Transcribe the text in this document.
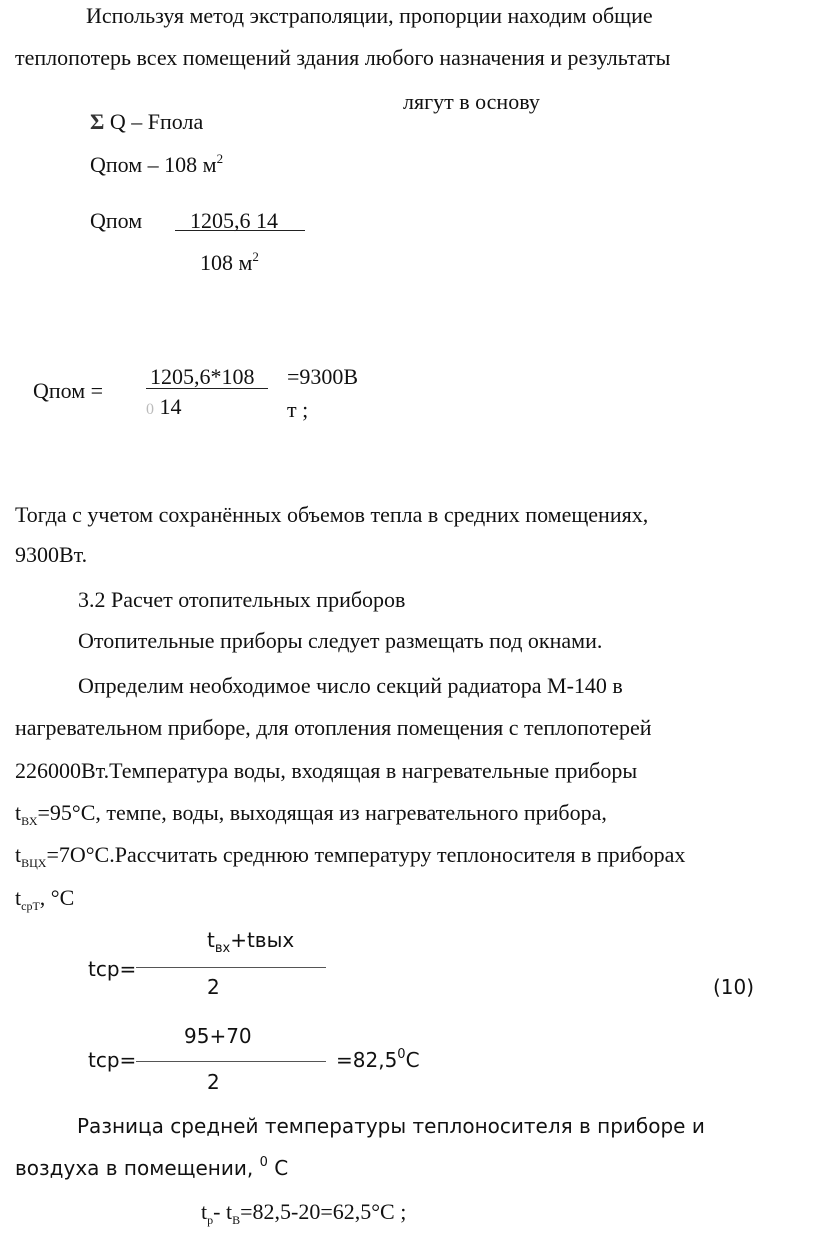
Используя метод экстраполяции, пропорции находим общие
теплопотерь всех помещений здания любого назначения и результаты
лягут в основу
Σ Q – Fпола
Qпом – 108 $м^2$
Qпом 1205,6 14
108 $м^2$
Qпом =
1205,6*108
0 14
=9300В
т ;
Тогда с учетом сохранённых объемов тепла в средних помещениях,
9300Вт.
3.2 Расчет отопительных приборов
Отопительные приборы следует размещать под окнами.
Определим необходимое число секций радиатора М-140 в
нагревательном приборе, для отопления помещения с теплопотерей
226000Вт.Температура воды, входящая в нагревательные приборы
$t_{ВХ}=95^\circ С$, темпе, воды, выходящая из нагревательного прибора,
$t_{ВЦХ}=7О^\circ С.Рассчитать$ среднюю температуру теплоносителя в приборах
$t_{срТ}$, °С
$t_{вх}+tвых$
tср=
2	(10)
95+70
tср=
2
$=82,5^0С$
Разница средней температуры теплоносителя в приборе и
воздуха в помещении, $^0$ С
$t_р-$ $t_В=82,5-20=62,5^\circ С$ ;
